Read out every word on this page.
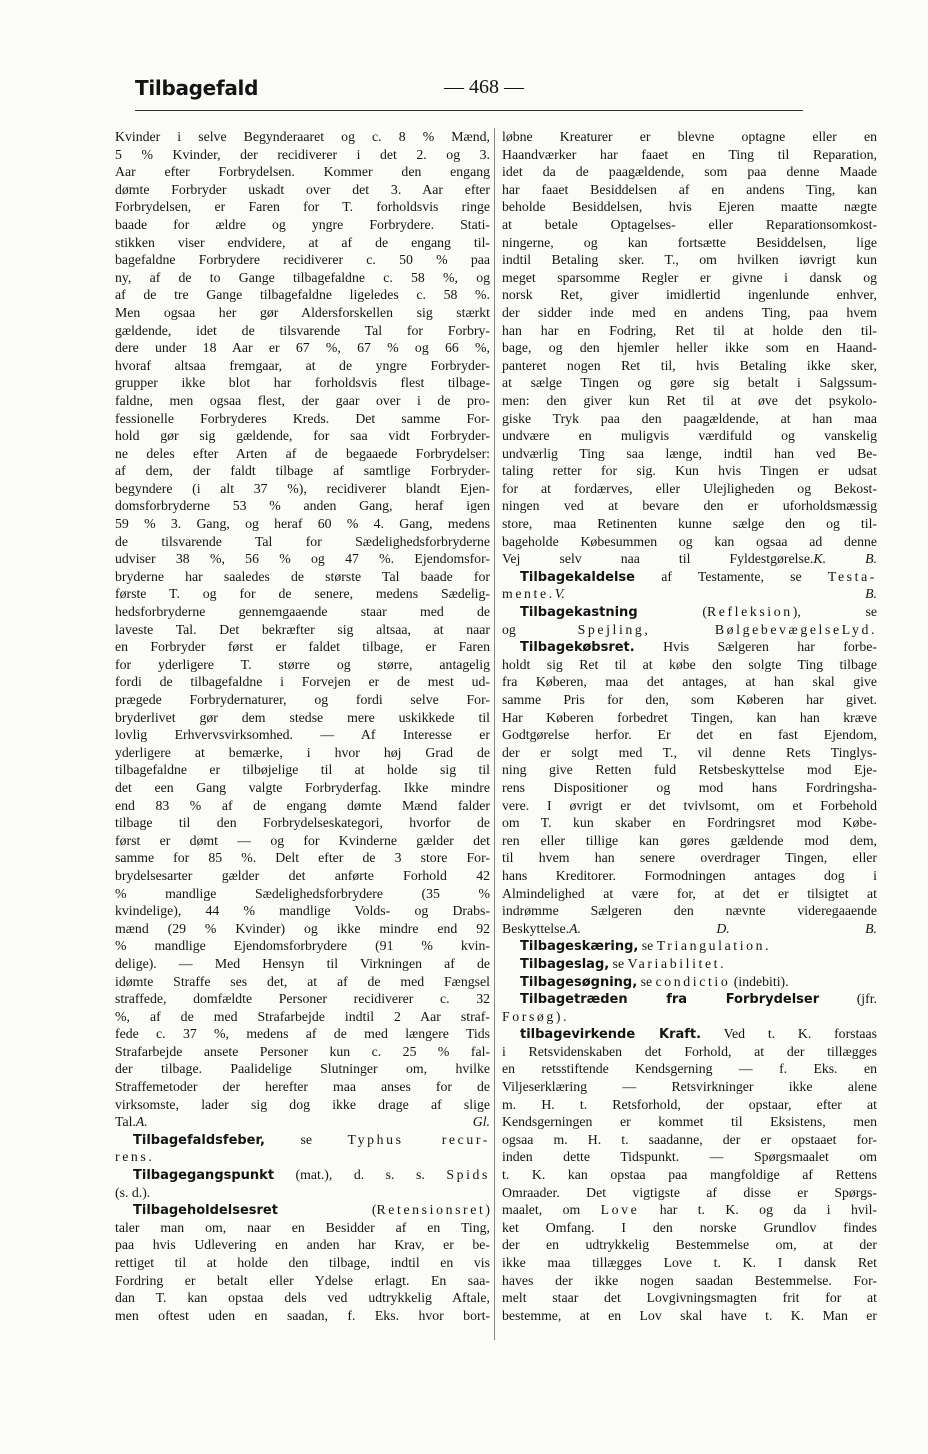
Tilbagefald	— 468 —
Kvinder i selve Begynderaaret og c. 8 % Mænd,
5 % Kvinder, der recidiverer i det 2. og 3.
Aar efter Forbrydelsen. Kommer den engang
dømte Forbryder uskadt over det 3. Aar efter
Forbrydelsen, er Faren for T. forholdsvis ringe
baade for ældre og yngre Forbrydere. Stati-
stikken viser endvidere, at af de engang til-
bagefaldne Forbrydere recidiverer c. 50 % paa
ny, af de to Gange tilbagefaldne c. 58 %, og
af de tre Gange tilbagefaldne ligeledes c. 58 %.
Men ogsaa her gør Aldersforskellen sig stærkt
gældende, idet de tilsvarende Tal for Forbry-
dere under 18 Aar er 67 %, 67 % og 66 %,
hvoraf altsaa fremgaar, at de yngre Forbryder-
grupper ikke blot har forholdsvis flest tilbage-
faldne, men ogsaa flest, der gaar over i de pro-
fessionelle Forbryderes Kreds. Det samme For-
hold gør sig gældende, for saa vidt Forbryder-
ne deles efter Arten af de begaaede Forbrydelser:
af dem, der faldt tilbage af samtlige Forbryder-
begyndere (i alt 37 %), recidiverer blandt Ejen-
domsforbryderne 53 % anden Gang, heraf igen
59 % 3. Gang, og heraf 60 % 4. Gang, medens
de tilsvarende Tal for Sædelighedsforbryderne
udviser 38 %, 56 % og 47 %. Ejendomsfor-
bryderne har saaledes de største Tal baade for
første T. og for de senere, medens Sædelig-
hedsforbryderne gennemgaaende staar med de
laveste Tal. Det bekræfter sig altsaa, at naar
en Forbryder først er faldet tilbage, er Faren
for yderligere T. større og større, antagelig
fordi de tilbagefaldne i Forvejen er de mest ud-
prægede Forbrydernaturer, og fordi selve For-
bryderlivet gør dem stedse mere uskikkede til
lovlig Erhvervsvirksomhed. — Af Interesse er
yderligere at bemærke, i hvor høj Grad de
tilbagefaldne er tilbøjelige til at holde sig til
det een Gang valgte Forbryderfag. Ikke mindre
end 83 % af de engang dømte Mænd falder
tilbage til den Forbrydelseskategori, hvorfor de
først er dømt — og for Kvinderne gælder det
samme for 85 %. Delt efter de 3 store For-
brydelsesarter gælder det anførte Forhold 42
% mandlige Sædelighedsforbrydere (35 %
kvindelige), 44 % mandlige Volds- og Drabs-
mænd (29 % Kvinder) og ikke mindre end 92
% mandlige Ejendomsforbrydere (91 % kvin-
delige). — Med Hensyn til Virkningen af de
idømte Straffe ses det, at af de med Fængsel
straffede, domfældte Personer recidiverer c. 32
%, af de med Strafarbejde indtil 2 Aar straf-
fede c. 37 %, medens af de med længere Tids
Strafarbejde ansete Personer kun c. 25 % fal-
der tilbage. Paalidelige Slutninger om, hvilke
Straffemetoder der herefter maa anses for de
virksomste, lader sig dog ikke drage af slige
Tal.A. Gl.
Tilbagefaldsfeber, se Typhus recur-
rens.
Tilbagegangspunkt (mat.), d. s. s. Spids
(s. d.).
Tilbageholdelsesret (Retensionsret)
taler man om, naar en Besidder af en Ting,
paa hvis Udlevering en anden har Krav, er be-
rettiget til at holde den tilbage, indtil en vis
Fordring er betalt eller Ydelse erlagt. En saa-
dan T. kan opstaa dels ved udtrykkelig Aftale,
men oftest uden en saadan, f. Eks. hvor bort-
løbne Kreaturer er blevne optagne eller en
Haandværker har faaet en Ting til Reparation,
idet da de paagældende, som paa denne Maade
har faaet Besiddelsen af en andens Ting, kan
beholde Besiddelsen, hvis Ejeren maatte nægte
at betale Optagelses- eller Reparationsomkost-
ningerne, og kan fortsætte Besiddelsen, lige
indtil Betaling sker. T., om hvilken iøvrigt kun
meget sparsomme Regler er givne i dansk og
norsk Ret, giver imidlertid ingenlunde enhver,
der sidder inde med en andens Ting, paa hvem
han har en Fodring, Ret til at holde den til-
bage, og den hjemler heller ikke som en Haand-
panteret nogen Ret til, hvis Betaling ikke sker,
at sælge Tingen og gøre sig betalt i Salgssum-
men: den giver kun Ret til at øve det psykolo-
giske Tryk paa den paagældende, at han maa
undvære en muligvis værdifuld og vanskelig
undværlig Ting saa længe, indtil han ved Be-
taling retter for sig. Kun hvis Tingen er udsat
for at fordærves, eller Ulejligheden og Bekost-
ningen ved at bevare den er uforholdsmæssig
store, maa Retinenten kunne sælge den og til-
bageholde Købesummen og kan ogsaa ad denne
Vej selv naa til Fyldestgørelse.K. B.
Tilbagekaldelse af Testamente, se Testa-
mente.V. B.
Tilbagekastning (Refleksion), se
og Spejling, BølgebevægelseLyd.
Tilbagekøbsret. Hvis Sælgeren har forbe-
holdt sig Ret til at købe den solgte Ting tilbage
fra Køberen, maa det antages, at han skal give
samme Pris for den, som Køberen har givet.
Har Køberen forbedret Tingen, kan han kræve
Godtgørelse herfor. Er det en fast Ejendom,
der er solgt med T., vil denne Rets Tinglys-
ning give Retten fuld Retsbeskyttelse mod Eje-
rens Dispositioner og mod hans Fordringsha-
vere. I øvrigt er det tvivlsomt, om et Forbehold
om T. kun skaber en Fordringsret mod Købe-
ren eller tillige kan gøres gældende mod dem,
til hvem han senere overdrager Tingen, eller
hans Kreditorer. Formodningen antages dog i
Almindelighed at være for, at det er tilsigtet at
indrømme Sælgeren den nævnte videregaaende
Beskyttelse.A. D. B.
Tilbageskæring, se Triangulation.
Tilbageslag, se Variabilitet.
Tilbagesøgning, se condictio (indebiti).
Tilbagetræden fra Forbrydelser (jfr.
Forsøg).
tilbagevirkende Kraft. Ved t. K. forstaas
i Retsvidenskaben det Forhold, at der tillægges
en retsstiftende Kendsgerning — f. Eks. en
Viljeserklæring — Retsvirkninger ikke alene
m. H. t. Retsforhold, der opstaar, efter at
Kendsgerningen er kommet til Eksistens, men
ogsaa m. H. t. saadanne, der er opstaaet for-
inden dette Tidspunkt. — Spørgsmaalet om
t. K. kan opstaa paa mangfoldige af Rettens
Omraader. Det vigtigste af disse er Spørgs-
maalet, om Love har t. K. og da i hvil-
ket Omfang. I den norske Grundlov findes
der en udtrykkelig Bestemmelse om, at der
ikke maa tillægges Love t. K. I dansk Ret
haves der ikke nogen saadan Bestemmelse. For-
melt staar det Lovgivningsmagten frit for at
bestemme, at en Lov skal have t. K. Man er
